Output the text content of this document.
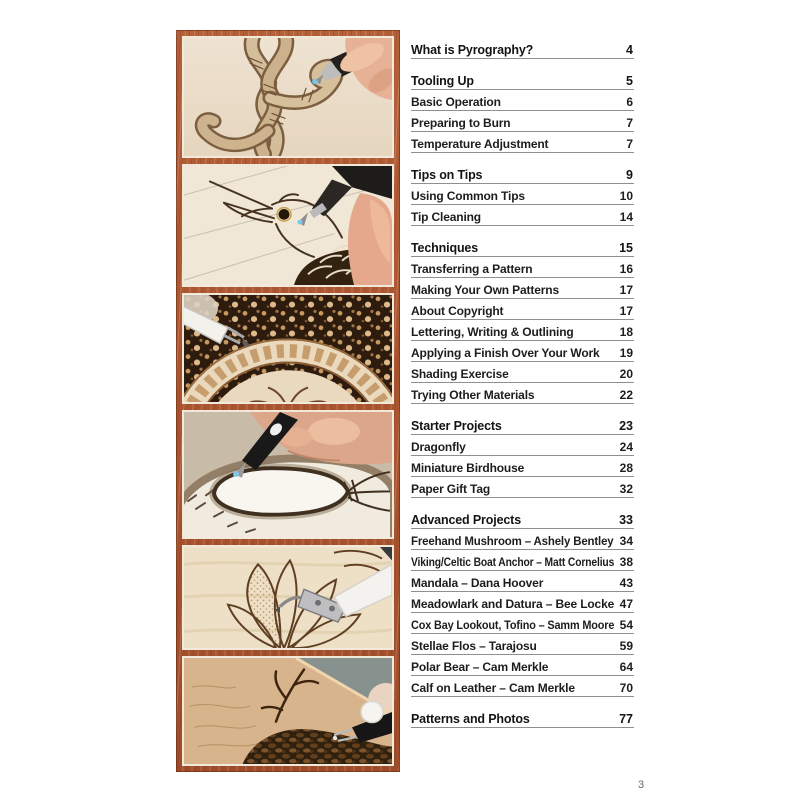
What is Pyrography?	4
Tooling Up	5
Basic Operation	6
Preparing to Burn	7
Temperature Adjustment	7
Tips on Tips	9
Using Common Tips	10
Tip Cleaning	14
Techniques	15
Transferring a Pattern	16
Making Your Own Patterns	17
About Copyright	17
Lettering, Writing & Outlining	18
Applying a Finish Over Your Work 19
Shading Exercise	20
Trying Other Materials	22
Starter Projects	23
Dragonfly	24
Miniature Birdhouse	28
Paper Gift Tag	32
Advanced Projects	33
Freehand Mushroom – Ashely Bentley 34
Viking/Celtic Boat Anchor – Matt Cornelius 38
Mandala – Dana Hoover	43
Meadowlark and Datura – Bee Locke 47
Cox Bay Lookout, Tofino – Samm Moore 54
Stellae Flos – Tarajosu	59
Polar Bear – Cam Merkle	64
Calf on Leather – Cam Merkle	70
Patterns and Photos	77
3
